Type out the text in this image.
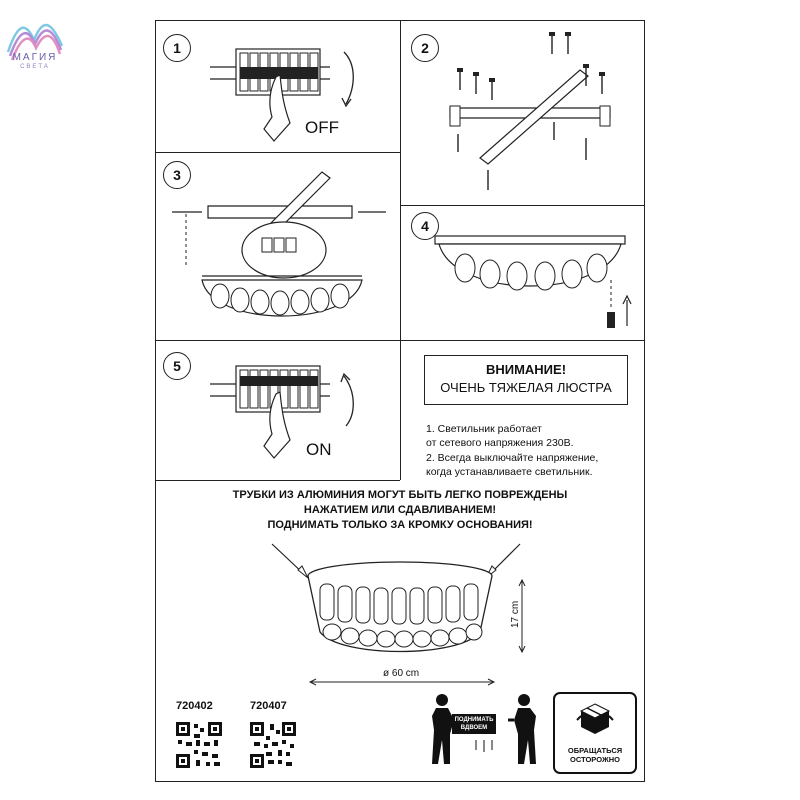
МАГИЯ
СВЕТА
1	2
3
4
5
OFF
ON
ВНИМАНИЕ!
ОЧЕНЬ ТЯЖЕЛАЯ ЛЮСТРА
1. Светильник работает
от сетевого напряжения 230В.
2. Всегда выключайте напряжение,
когда устанавливаете светильник.
ТРУБКИ ИЗ АЛЮМИНИЯ МОГУТ БЫТЬ ЛЕГКО ПОВРЕЖДЕНЫ
НАЖАТИЕМ ИЛИ СДАВЛИВАНИЕМ!
ПОДНИМАТЬ ТОЛЬКО ЗА КРОМКУ ОСНОВАНИЯ!
17 cm
ø 60 cm
720402	720407
ПОДНИМАТЬ
ВДВОЕМ
ОБРАЩАТЬСЯ
ОСТОРОЖНО
